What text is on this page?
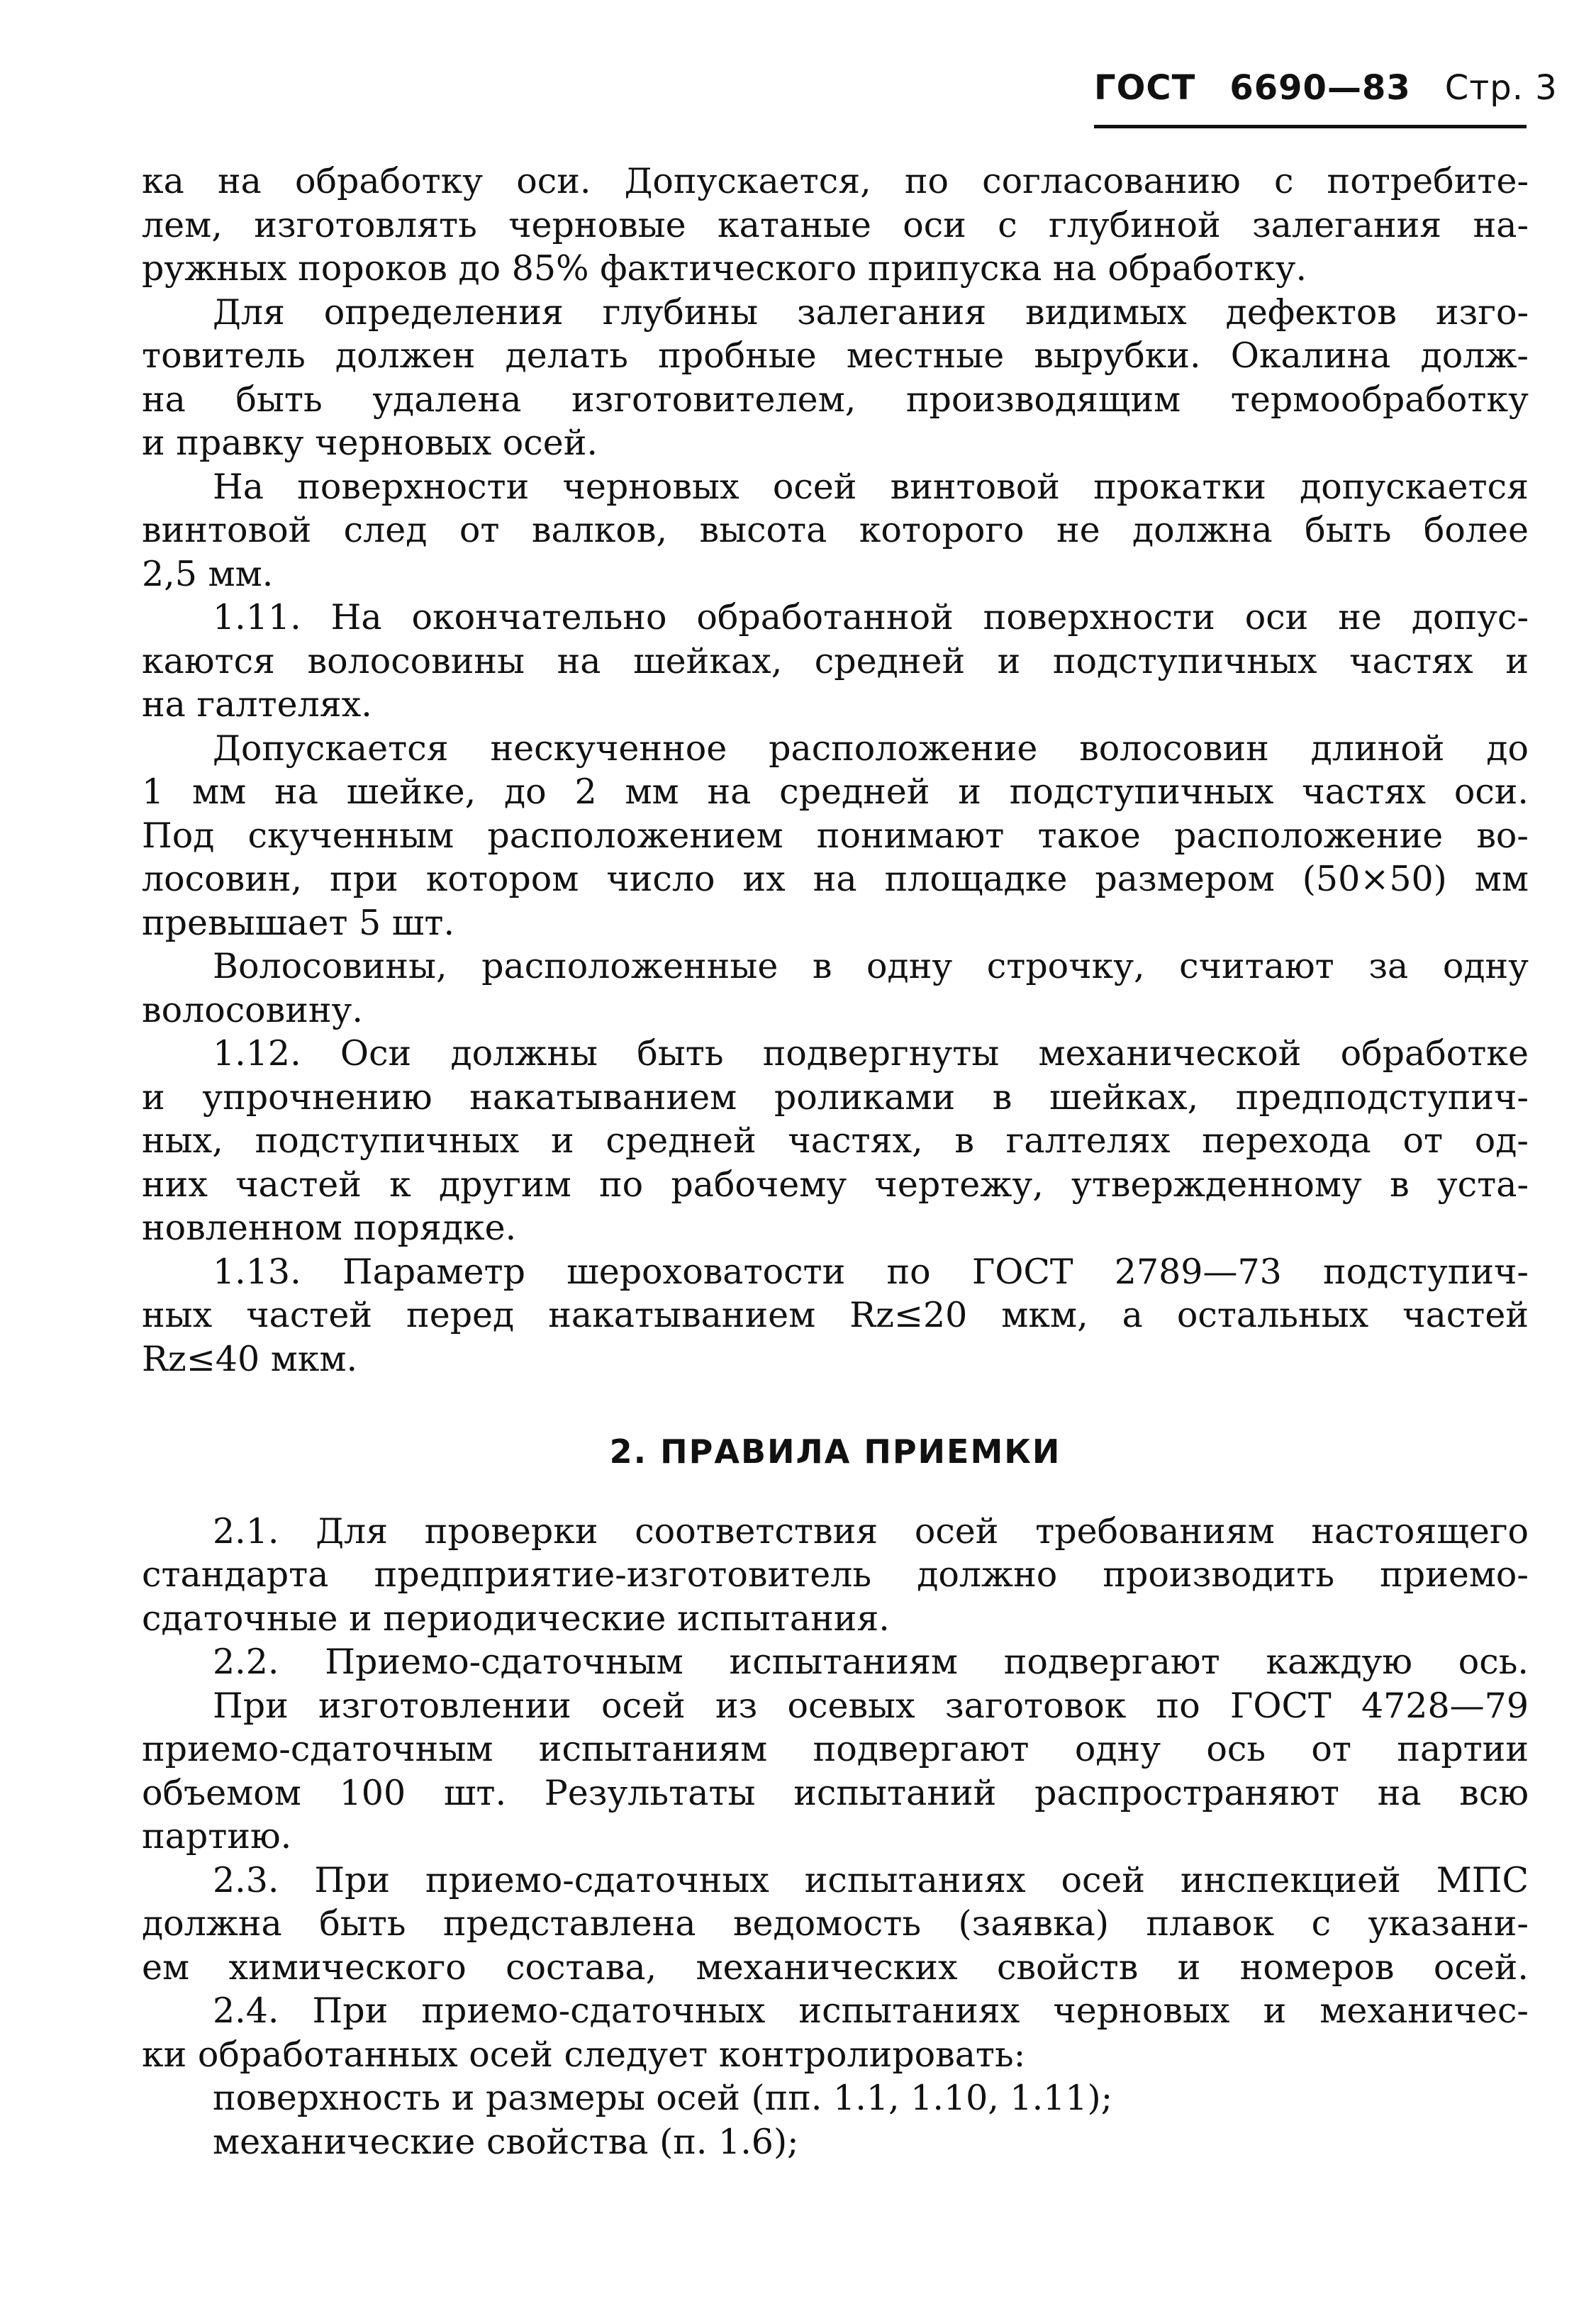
ГОСТ 6690—83 Стр. 3
ка на обработку оси. Допускается, по согласованию с потребите-
лем, изготовлять черновые катаные оси с глубиной залегания на-
ружных пороков до 85% фактического припуска на обработку.
Для определения глубины залегания видимых дефектов изго-
товитель должен делать пробные местные вырубки. Окалина долж-
на быть удалена изготовителем, производящим термообработку
и правку черновых осей.
На поверхности черновых осей винтовой прокатки допускается
винтовой след от валков, высота которого не должна быть более
2,5 мм.
1.11. На окончательно обработанной поверхности оси не допус-
каются волосовины на шейках, средней и подступичных частях и
на галтелях.
Допускается нескученное расположение волосовин длиной до
1 мм на шейке, до 2 мм на средней и подступичных частях оси.
Под скученным расположением понимают такое расположение во-
лосовин, при котором число их на площадке размером (50×50) мм
превышает 5 шт.
Волосовины, расположенные в одну строчку, считают за одну
волосовину.
1.12. Оси должны быть подвергнуты механической обработке
и упрочнению накатыванием роликами в шейках, предподступич-
ных, подступичных и средней частях, в галтелях перехода от од-
них частей к другим по рабочему чертежу, утвержденному в уста-
новленном порядке.
1.13. Параметр шероховатости по ГОСТ 2789—73 подступич-
ных частей перед накатыванием Rz≤20 мкм, а остальных частей
Rz≤40 мкм.
2. ПРАВИЛА ПРИЕМКИ
2.1. Для проверки соответствия осей требованиям настоящего
стандарта предприятие-изготовитель должно производить приемо-
сдаточные и периодические испытания.
2.2. Приемо-сдаточным испытаниям подвергают каждую ось.
При изготовлении осей из осевых заготовок по ГОСТ 4728—79
приемо-сдаточным испытаниям подвергают одну ось от партии
объемом 100 шт. Результаты испытаний распространяют на всю
партию.
2.3. При приемо-сдаточных испытаниях осей инспекцией МПС
должна быть представлена ведомость (заявка) плавок с указани-
ем химического состава, механических свойств и номеров осей.
2.4. При приемо-сдаточных испытаниях черновых и механичес-
ки обработанных осей следует контролировать:
поверхность и размеры осей (пп. 1.1, 1.10, 1.11);
механические свойства (п. 1.6);
